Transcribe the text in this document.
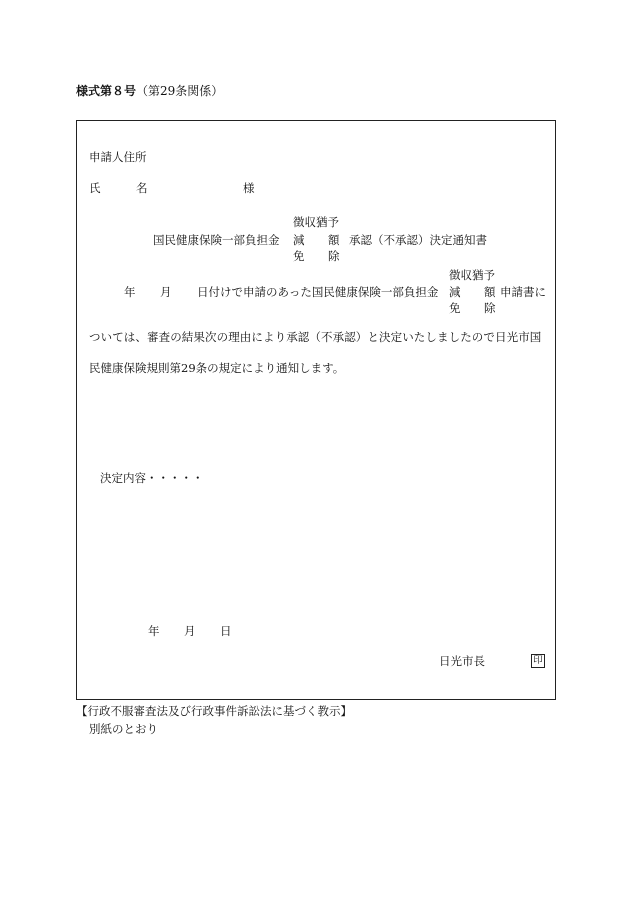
様式第８号（第29条関係）
申請人住所
氏	名	様
国民健康保険一部負担金
徴収猶予
減 額
免 除
承認（不承認）決定通知書
年 月 日付けで申請のあった国民健康保険一部負担金
徴収猶予
減 額
免 除
申請書に
ついては、審査の結果次の理由により承認（不承認）と決定いたしましたので日光市国
民健康保険規則第29条の規定により通知します。
決定内容・・・・・
年 月 日
日光市長	印
【行政不服審査法及び行政事件訴訟法に基づく教示】
別紙のとおり
